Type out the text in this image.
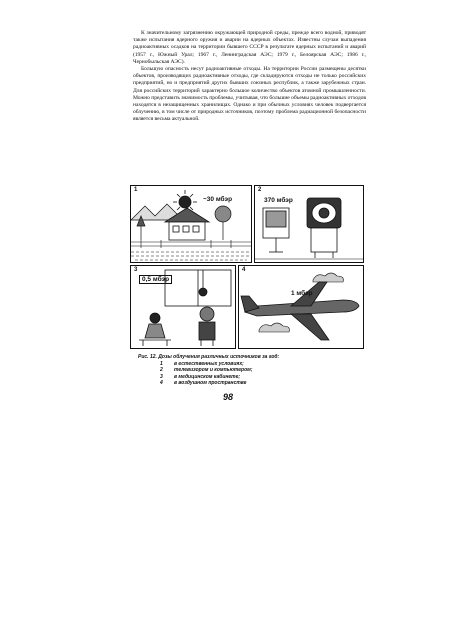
К значительному загрязнению окружающей природной среды, прежде всего водной, приводят также испытания ядерного оружия и аварии на ядерных объектах. Известны случаи выпадения радиоактивных осадков на территории бывшего СССР в результате ядерных испытаний и аварий (1957 г., Южный Урал; 1967 г., Ленинградская АЭС; 1979 г., Белоярская АЭС; 1986 г., Чернобыльская АЭС).

Большую опасность несут радиоактивные отходы. На территории России размещены десятки объектов, производящих радиоактивные отходы, где складируются отходы не только российских предприятий, но и предприятий других бывших союзных республик, а также зарубежных стран. Для российских территорий характерно большое количество объектов атомной промышленности. Можно представить значимость проблемы, учитывая, что большие объемы радиоактивных отходов находятся в незащищенных хранилищах. Однако и при обычных условиях человек подвергается облучению, в том числе от природных источников, поэтому проблема радиационной безопасности является весьма актуальной.

1
~30 мбэр
2
370 мбэр
3
0,5 мбэр
4
1 мбэр
Рис. 12. Дозы облучения различных источников за год:
1	в естественных условиях;
2	телевизором и компьютером;
3	в медицинском кабинете;
4	в воздушном пространстве
98
